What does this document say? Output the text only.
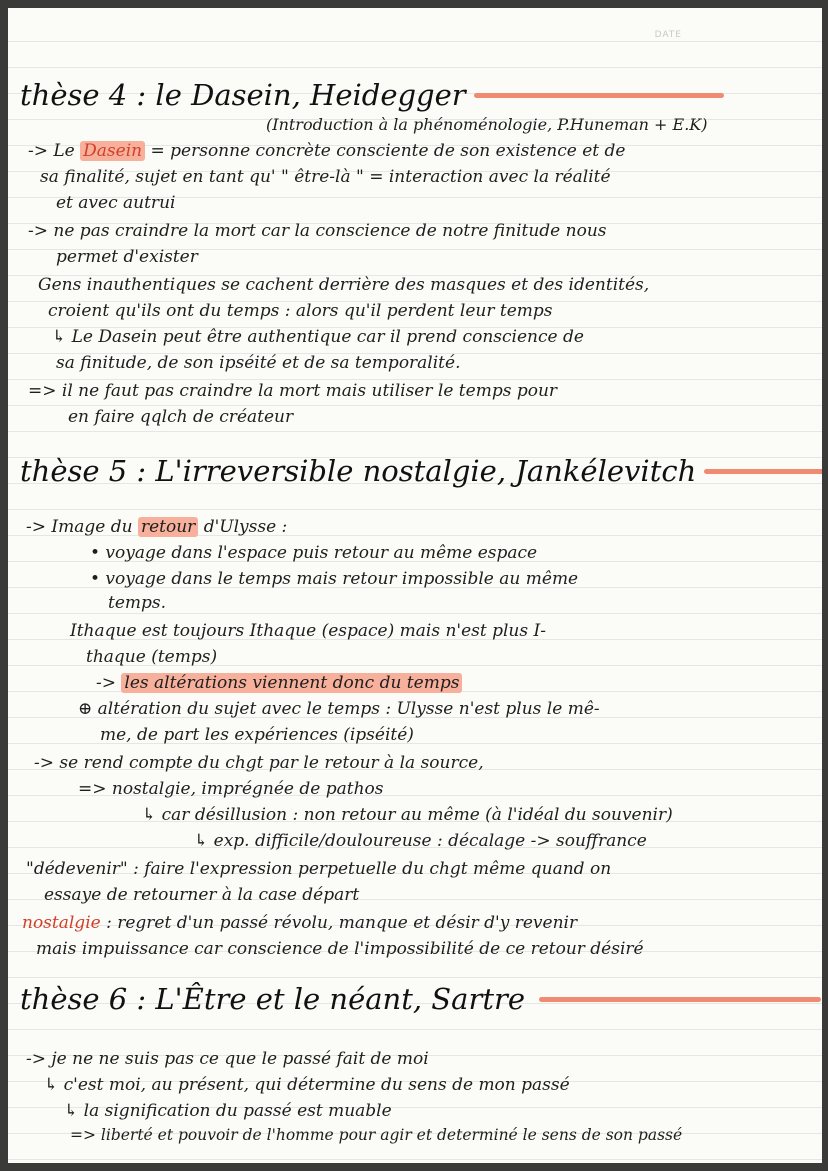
DATE
thèse 4 : le Dasein, Heidegger
(Introduction à la phénoménologie, P.Huneman + E.K)
-> Le Dasein = personne concrète consciente de son existence et de
sa finalité, sujet en tant qu' " être-là " = interaction avec la réalité
et avec autrui
-> ne pas craindre la mort car la conscience de notre finitude nous
permet d'exister
Gens inauthentiques se cachent derrière des masques et des identités,
croient qu'ils ont du temps : alors qu'il perdent leur temps
↳ Le Dasein peut être authentique car il prend conscience de
sa finitude, de son ipséité et de sa temporalité.
=> il ne faut pas craindre la mort mais utiliser le temps pour
en faire qqlch de créateur
thèse 5 : L'irreversible nostalgie, Jankélevitch
-> Image du retour d'Ulysse :
• voyage dans l'espace puis retour au même espace
• voyage dans le temps mais retour impossible au même
temps.
Ithaque est toujours Ithaque (espace) mais n'est plus I-
thaque (temps)
-> les altérations viennent donc du temps
⊕ altération du sujet avec le temps : Ulysse n'est plus le mê-
me, de part les expériences (ipséité)
-> se rend compte du chgt par le retour à la source,
=> nostalgie, imprégnée de pathos
↳ car désillusion : non retour au même (à l'idéal du souvenir)
↳ exp. difficile/douloureuse : décalage -> souffrance
"dédevenir" : faire l'expression perpetuelle du chgt même quand on
essaye de retourner à la case départ
nostalgie : regret d'un passé révolu, manque et désir d'y revenir
mais impuissance car conscience de l'impossibilité de ce retour désiré
thèse 6 : L'Être et le néant, Sartre
-> je ne ne suis pas ce que le passé fait de moi
↳ c'est moi, au présent, qui détermine du sens de mon passé
↳ la signification du passé est muable
=> liberté et pouvoir de l'homme pour agir et determiné le sens de son passé
